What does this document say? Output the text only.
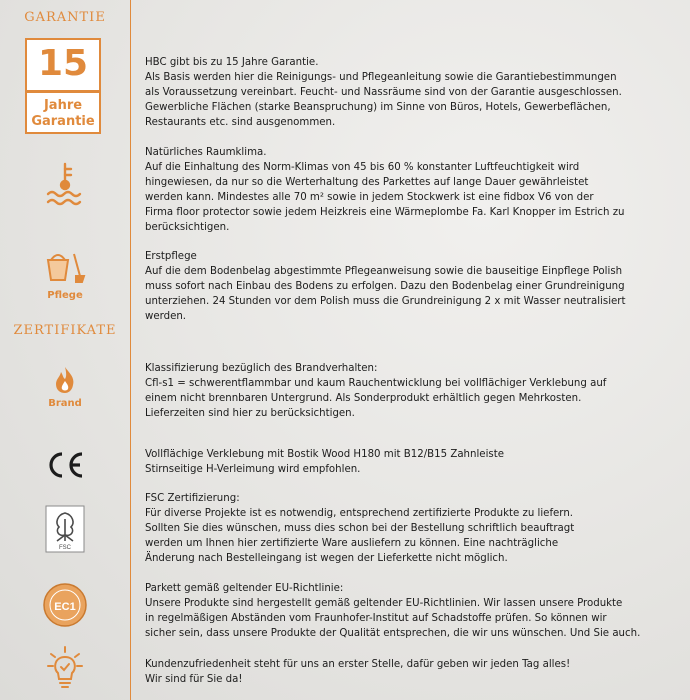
GARANTIE
15
Jahre
Garantie
Pflege
ZERTIFIKATE
Brand
FSC
EC1

HBC gibt bis zu 15 Jahre Garantie.

Als Basis werden hier die Reinigungs- und Pflegeanleitung sowie die Garantiebestimmungen

als Voraussetzung vereinbart. Feucht- und Nassräume sind von der Garantie ausgeschlossen.

Gewerbliche Flächen (starke Beanspruchung) im Sinne von Büros, Hotels, Gewerbeflächen,

Restaurants etc. sind ausgenommen.

Natürliches Raumklima.

Auf die Einhaltung des Norm-Klimas von 45 bis 60 % konstanter Luftfeuchtigkeit wird

hingewiesen, da nur so die Werterhaltung des Parkettes auf lange Dauer gewährleistet

werden kann. Mindestes alle 70 m² sowie in jedem Stockwerk ist eine fidbox V6 von der

Firma floor protector sowie jedem Heizkreis eine Wärmeplombe Fa. Karl Knopper im Estrich zu

berücksichtigen.

Erstpflege

Auf die dem Bodenbelag abgestimmte Pflegeanweisung sowie die bauseitige Einpflege Polish

muss sofort nach Einbau des Bodens zu erfolgen. Dazu den Bodenbelag einer Grundreinigung

unterziehen. 24 Stunden vor dem Polish muss die Grundreinigung 2 x mit Wasser neutralisiert

werden.

Klassifizierung bezüglich des Brandverhalten:

Cfl-s1 = schwerentflammbar und kaum Rauchentwicklung bei vollflächiger Verklebung auf

einem nicht brennbaren Untergrund. Als Sonderprodukt erhältlich gegen Mehrkosten.

Lieferzeiten sind hier zu berücksichtigen.

Vollflächige Verklebung mit Bostik Wood H180 mit B12/B15 Zahnleiste

Stirnseitige H-Verleimung wird empfohlen.

FSC Zertifizierung:

Für diverse Projekte ist es notwendig, entsprechend zertifizierte Produkte zu liefern.

Sollten Sie dies wünschen, muss dies schon bei der Bestellung schriftlich beauftragt

werden um Ihnen hier zertifizierte Ware ausliefern zu können. Eine nachträgliche

Änderung nach Bestelleingang ist wegen der Lieferkette nicht möglich.

Parkett gemäß geltender EU-Richtlinie:

Unsere Produkte sind hergestellt gemäß geltender EU-Richtlinien. Wir lassen unsere Produkte

in regelmäßigen Abständen vom Fraunhofer-Institut auf Schadstoffe prüfen. So können wir

sicher sein, dass unsere Produkte der Qualität entsprechen, die wir uns wünschen. Und Sie auch.

Kundenzufriedenheit steht für uns an erster Stelle, dafür geben wir jeden Tag alles!

Wir sind für Sie da!
